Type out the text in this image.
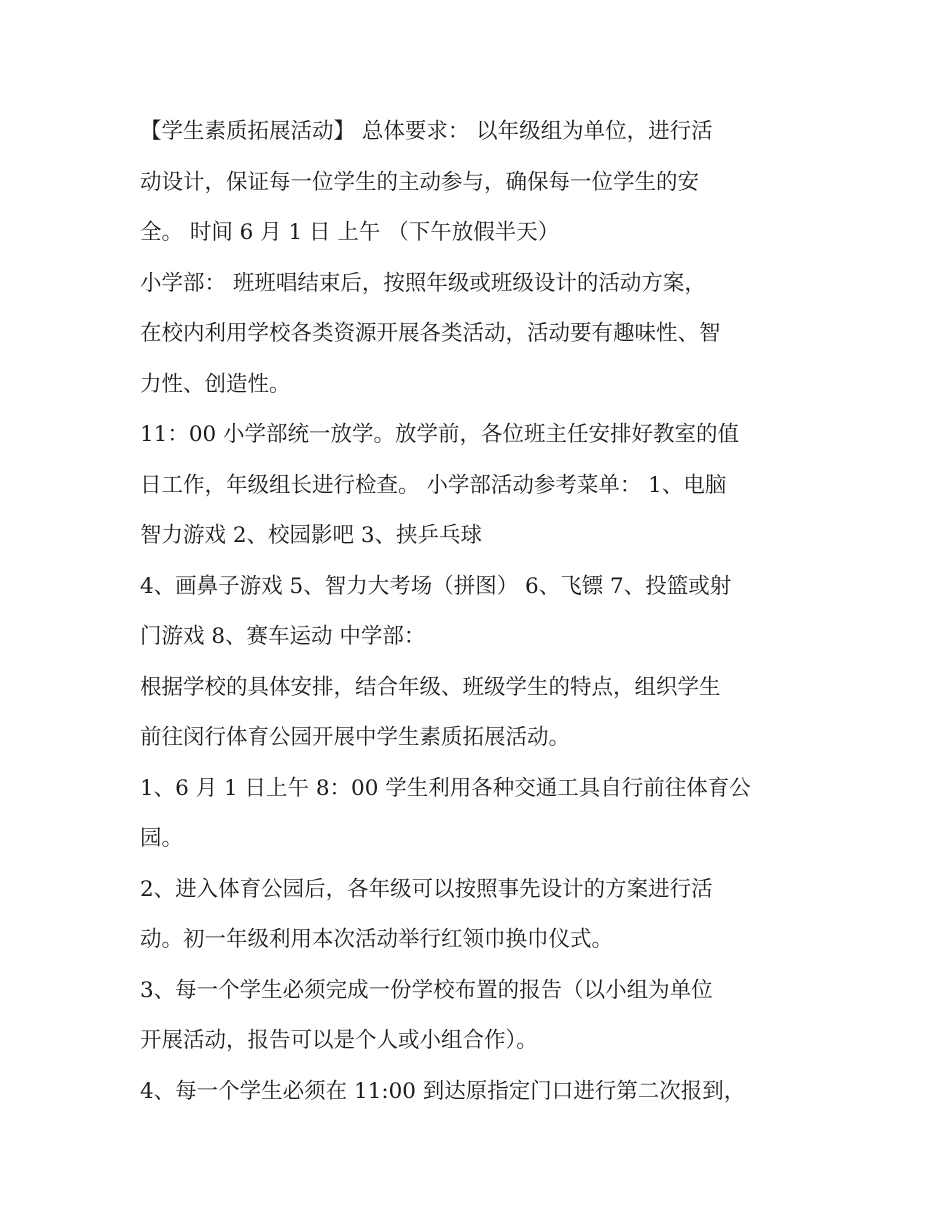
【学生素质拓展活动】 总体要求： 以年级组为单位，进行活
动设计，保证每一位学生的主动参与，确保每一位学生的安
全。 时间 6 月 1 日 上午 （下午放假半天）
小学部： 班班唱结束后，按照年级或班级设计的活动方案，
在校内利用学校各类资源开展各类活动，活动要有趣味性、智
力性、创造性。
11：00 小学部统一放学。放学前，各位班主任安排好教室的值
日工作，年级组长进行检查。 小学部活动参考菜单： 1、电脑
智力游戏 2、校园影吧 3、挟乒乓球
4、画鼻子游戏 5、智力大考场（拼图） 6、飞镖 7、投篮或射
门游戏 8、赛车运动 中学部：
根据学校的具体安排，结合年级、班级学生的特点，组织学生
前往闵行体育公园开展中学生素质拓展活动。
1、6 月 1 日上午 8：00 学生利用各种交通工具自行前往体育公
园。
2、进入体育公园后，各年级可以按照事先设计的方案进行活
动。初一年级利用本次活动举行红领巾换巾仪式。
3、每一个学生必须完成一份学校布置的报告（以小组为单位
开展活动，报告可以是个人或小组合作）。
4、每一个学生必须在 11:00 到达原指定门口进行第二次报到，
